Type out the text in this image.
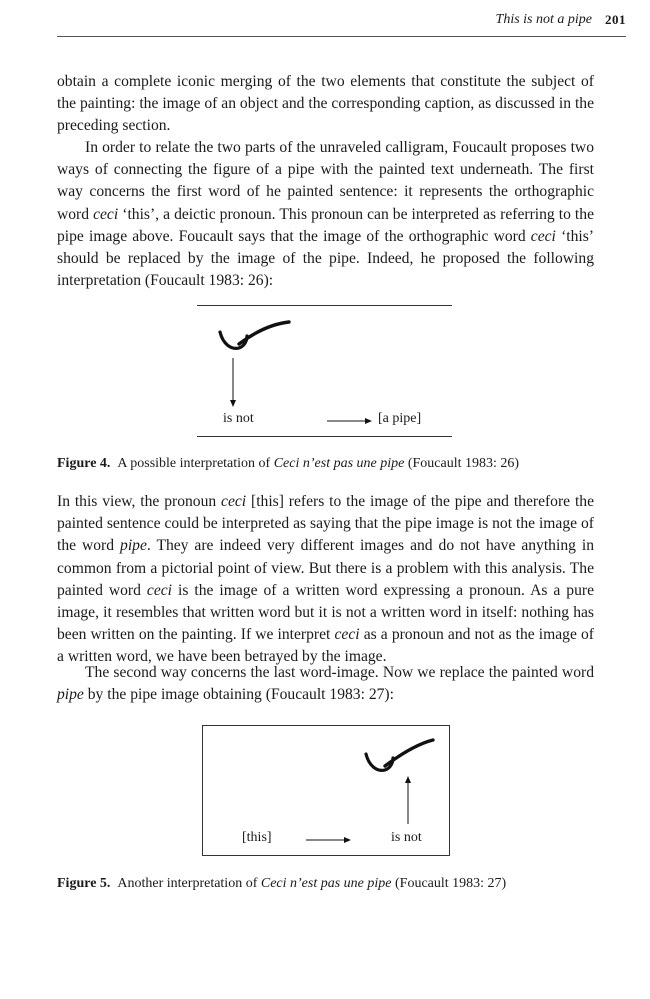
This is not a pipe 201

obtain a complete iconic merging of the two elements that constitute the subject of the painting: the image of an object and the corresponding caption, as discussed in the preceding section.

In order to relate the two parts of the unraveled calligram, Foucault proposes two ways of connecting the figure of a pipe with the painted text underneath. The first way concerns the first word of he painted sentence: it represents the orthographic word ceci ‘this’, a deictic pronoun. This pronoun can be interpreted as referring to the pipe image above. Foucault says that the image of the orthographic word ceci ‘this’ should be replaced by the image of the pipe. Indeed, he proposed the following interpretation (Foucault 1983: 26):

is not	[a pipe]
Figure 4. A possible interpretation of Ceci n’est pas une pipe (Foucault 1983: 26)

In this view, the pronoun ceci [this] refers to the image of the pipe and therefore the painted sentence could be interpreted as saying that the pipe image is not the image of the word pipe. They are indeed very different images and do not have anything in common from a pictorial point of view. But there is a problem with this analysis. The painted word ceci is the image of a written word expressing a pronoun. As a pure image, it resembles that written word but it is not a written word in itself: nothing has been written on the painting. If we interpret ceci as a pronoun and not as the image of a written word, we have been betrayed by the image.

The second way concerns the last word-image. Now we replace the painted word pipe by the pipe image obtaining (Foucault 1983: 27):

[this]	is not
Figure 5. Another interpretation of Ceci n’est pas une pipe (Foucault 1983: 27)
